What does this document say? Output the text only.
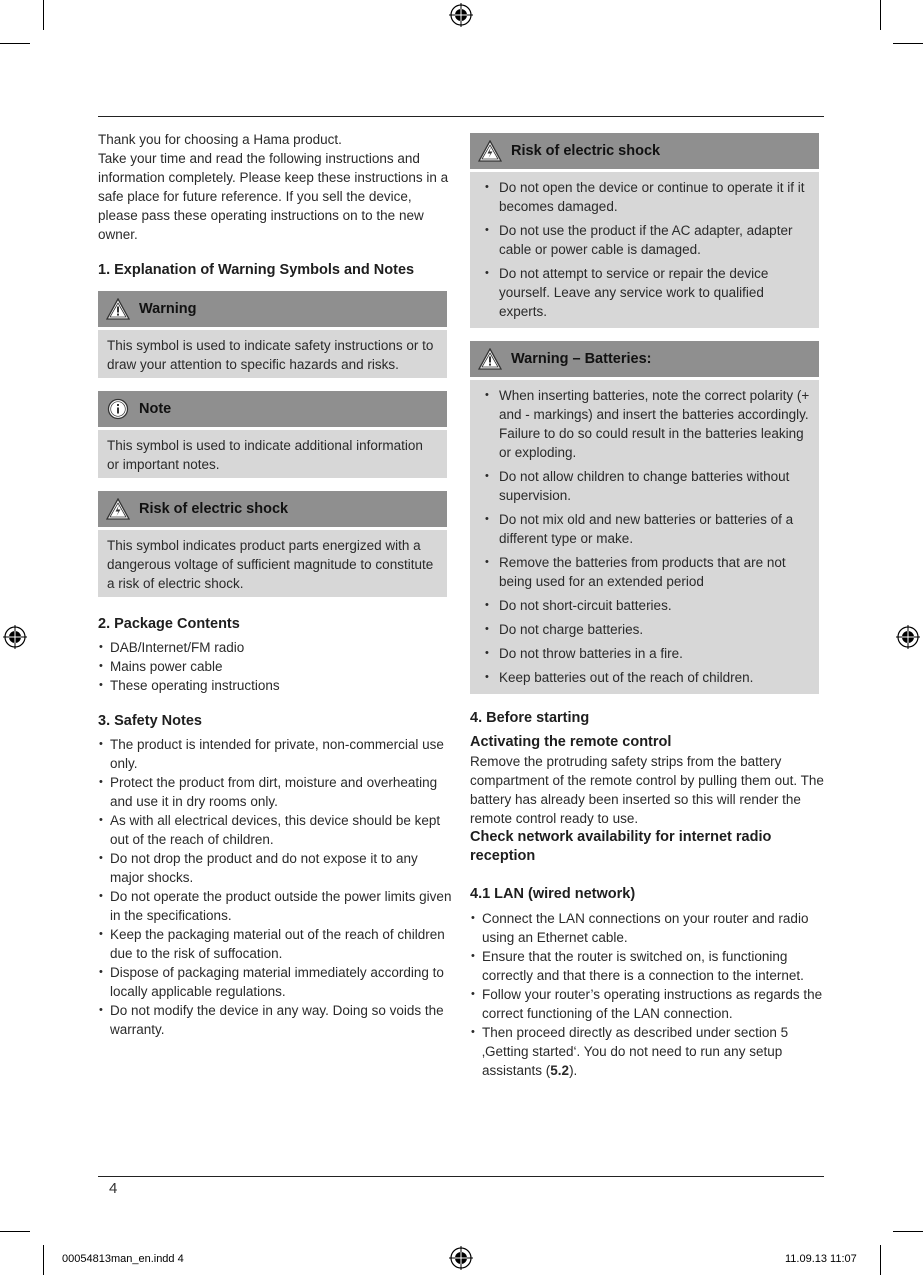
Thank you for choosing a Hama product.

Take your time and read the following instructions and information completely. Please keep these instructions in a safe place for future reference. If you sell the device, please pass these operating instructions on to the new owner.

1. Explanation of Warning Symbols and Notes
Warning
This symbol is used to indicate safety instructions or to draw your attention to specific hazards and risks.
Note
This symbol is used to indicate additional information or important notes.
Risk of electric shock
This symbol indicates product parts energized with a dangerous voltage of sufficient magnitude to constitute a risk of electric shock.
2. Package Contents
• DAB/Internet/FM radio
• Mains power cable
• These operating instructions
3. Safety Notes
• The product is intended for private, non-commercial use only.
• Protect the product from dirt, moisture and overheating and use it in dry rooms only.
• As with all electrical devices, this device should be kept out of the reach of children.
• Do not drop the product and do not expose it to any major shocks.
• Do not operate the product outside the power limits given in the specifications.
• Keep the packaging material out of the reach of children due to the risk of suffocation.
• Dispose of packaging material immediately according to locally applicable regulations.
• Do not modify the device in any way. Doing so voids the warranty.
Risk of electric shock
• Do not open the device or continue to operate it if it becomes damaged.
• Do not use the product if the AC adapter, adapter cable or power cable is damaged.
• Do not attempt to service or repair the device yourself. Leave any service work to qualified experts.
Warning – Batteries:
• When inserting batteries, note the correct polarity (+ and - markings) and insert the batteries accordingly. Failure to do so could result in the batteries leaking or exploding.
• Do not allow children to change batteries without supervision.
• Do not mix old and new batteries or batteries of a different type or make.
• Remove the batteries from products that are not being used for an extended period
• Do not short-circuit batteries.
• Do not charge batteries.
• Do not throw batteries in a fire.
• Keep batteries out of the reach of children.
4. Before starting
Activating the remote control

Remove the protruding safety strips from the battery compartment of the remote control by pulling them out. The battery has already been inserted so this will render the remote control ready to use.

Check network availability for internet radio reception
4.1 LAN (wired network)
• Connect the LAN connections on your router and radio using an Ethernet cable.
• Ensure that the router is switched on, is functioning correctly and that there is a connection to the internet.
• Follow your router’s operating instructions as regards the correct functioning of the LAN connection.
• Then proceed directly as described under section 5 ‚Getting started‘. You do not need to run any setup assistants (5.2).
4
00054813man_en.indd 4	11.09.13 11:07
